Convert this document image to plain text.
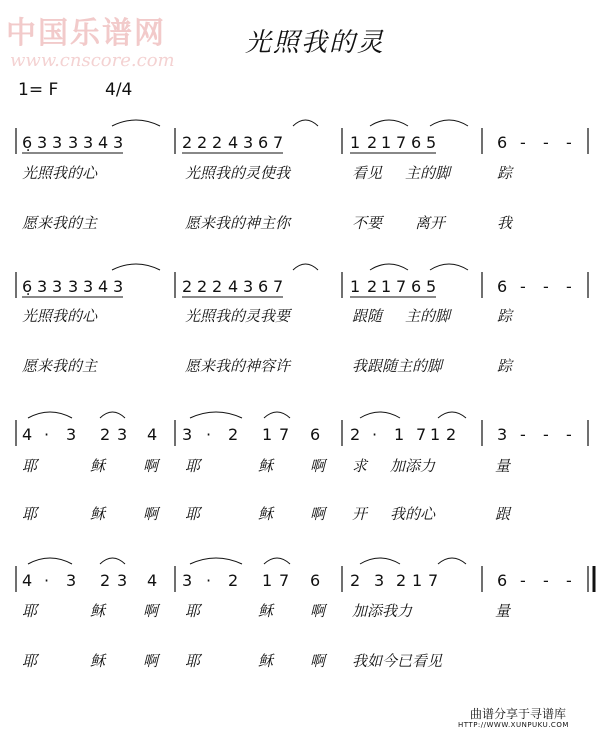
中国乐谱网
www.cnscore.com
光照我的灵
1= F	4/4
6̣ 3 3 3 3 4 3	2 2 2 4 3 6 7	1 2 1 7 6 5	6 - - -
6̣ 3 3 3 3 4 3	2 2 2 4 3 6 7	1 2 1 7 6 5	6 - - -
4 · 3 2 3 4 3 · 2 1 7 6 2 · 1 7 1 2	3 - - -
4 · 3 2 3 4 3 · 2 1 7 6 2 3 2 1 7	6 - - -
光照我的心	光照我的灵使我	看见 主的脚	踪
愿来我的主	愿来我的神主你	不要 离开	我
光照我的心	光照我的灵我要	跟随 主的脚	踪
愿来我的主	愿来我的神容许	我跟随主的脚	踪
耶	稣	啊 耶	稣 啊 求 加添力	量
耶	稣	啊 耶	稣 啊 开 我的心	跟
耶	稣	啊 耶	稣 啊 加添我力	量
耶	稣	啊 耶	稣 啊 我如今已看见
曲谱分享于寻谱库
HTTP://WWW.XUNPUKU.COM
